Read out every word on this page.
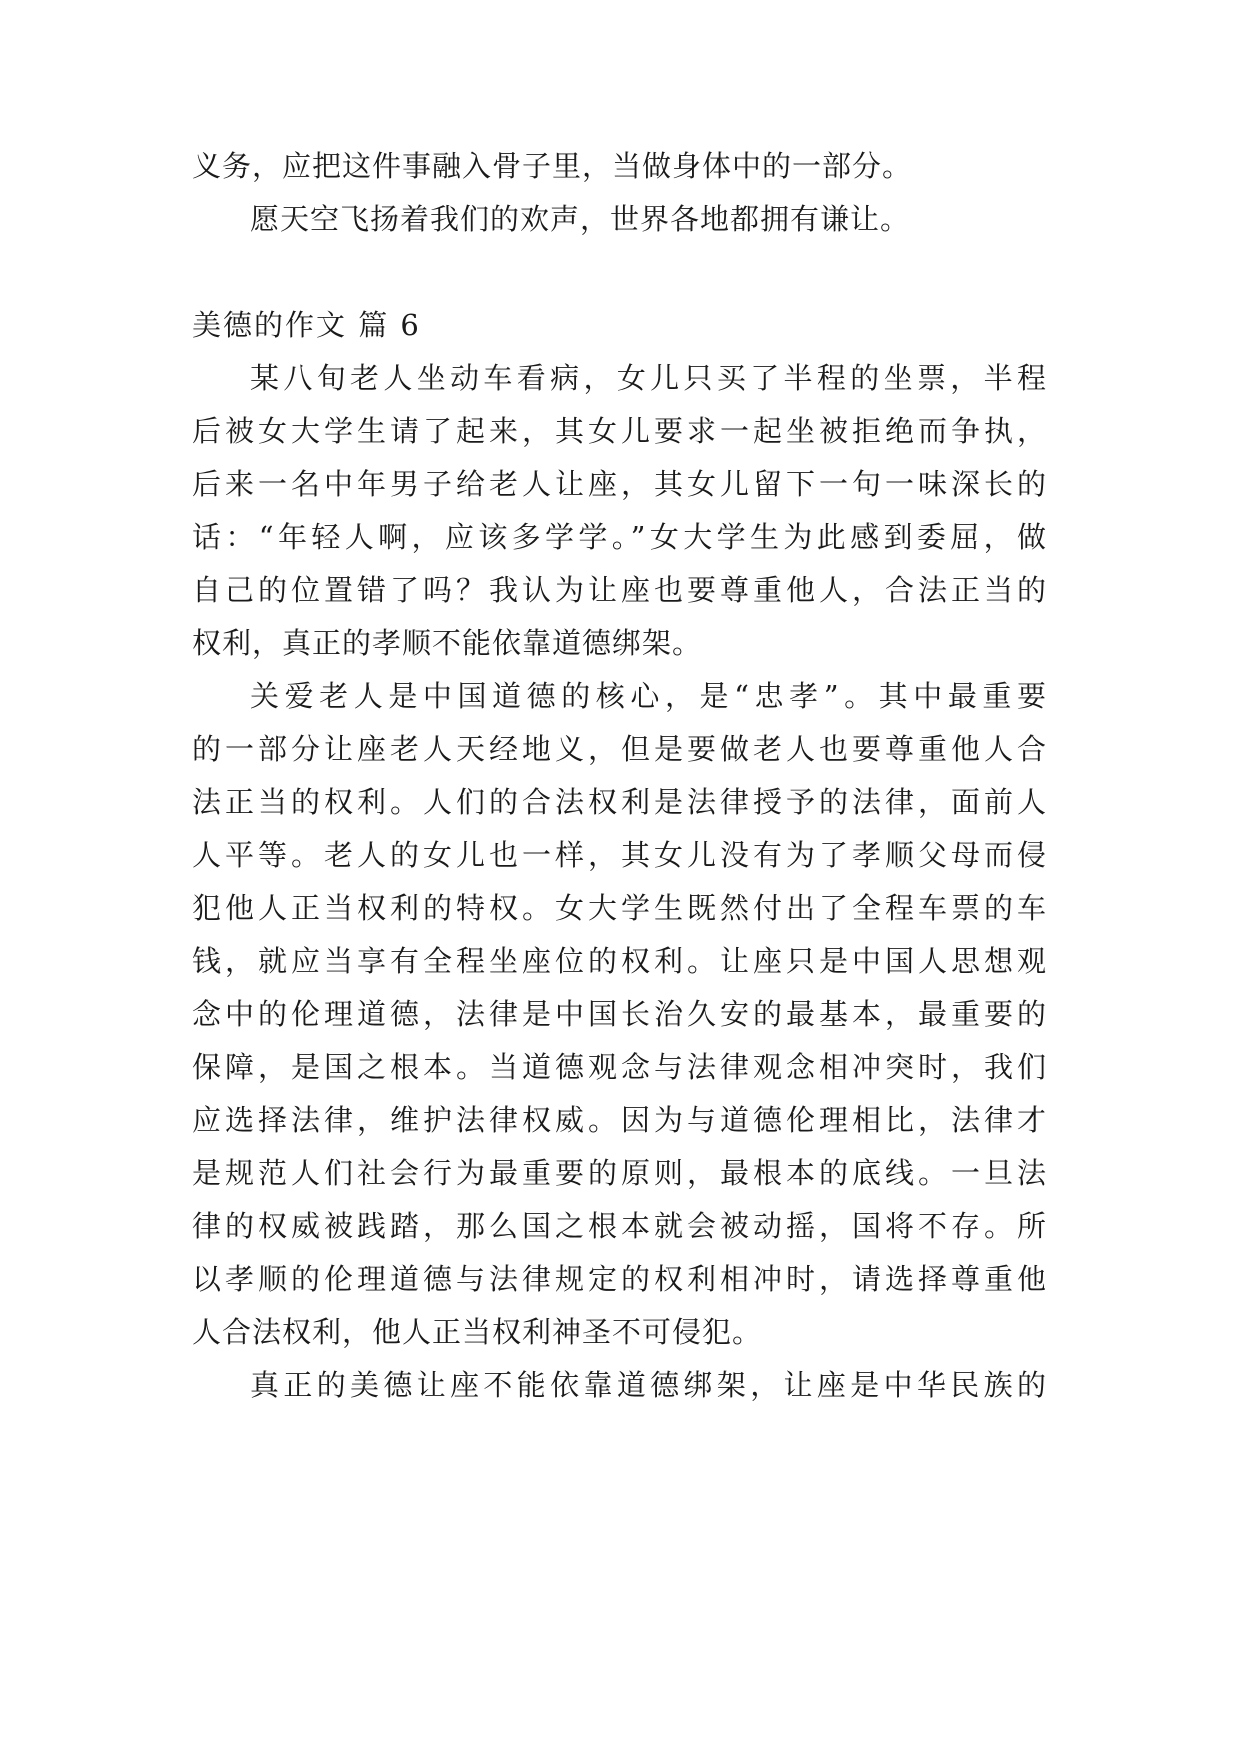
义务，应把这件事融入骨子里，当做身体中的一部分。
愿天空飞扬着我们的欢声，世界各地都拥有谦让。
美德的作文 篇 6
某八旬老人坐动车看病，女儿只买了半程的坐票，半程
后被女大学生请了起来，其女儿要求一起坐被拒绝而争执，
后来一名中年男子给老人让座，其女儿留下一句一味深长的
话：“年轻人啊，应该多学学。”女大学生为此感到委屈，做
自己的位置错了吗？我认为让座也要尊重他人，合法正当的
权利，真正的孝顺不能依靠道德绑架。
关爱老人是中国道德的核心，是“忠孝”。其中最重要
的一部分让座老人天经地义，但是要做老人也要尊重他人合
法正当的权利。人们的合法权利是法律授予的法律，面前人
人平等。老人的女儿也一样，其女儿没有为了孝顺父母而侵
犯他人正当权利的特权。女大学生既然付出了全程车票的车
钱，就应当享有全程坐座位的权利。让座只是中国人思想观
念中的伦理道德，法律是中国长治久安的最基本，最重要的
保障，是国之根本。当道德观念与法律观念相冲突时，我们
应选择法律，维护法律权威。因为与道德伦理相比，法律才
是规范人们社会行为最重要的原则，最根本的底线。一旦法
律的权威被践踏，那么国之根本就会被动摇，国将不存。所
以孝顺的伦理道德与法律规定的权利相冲时，请选择尊重他
人合法权利，他人正当权利神圣不可侵犯。
真正的美德让座不能依靠道德绑架，让座是中华民族的
